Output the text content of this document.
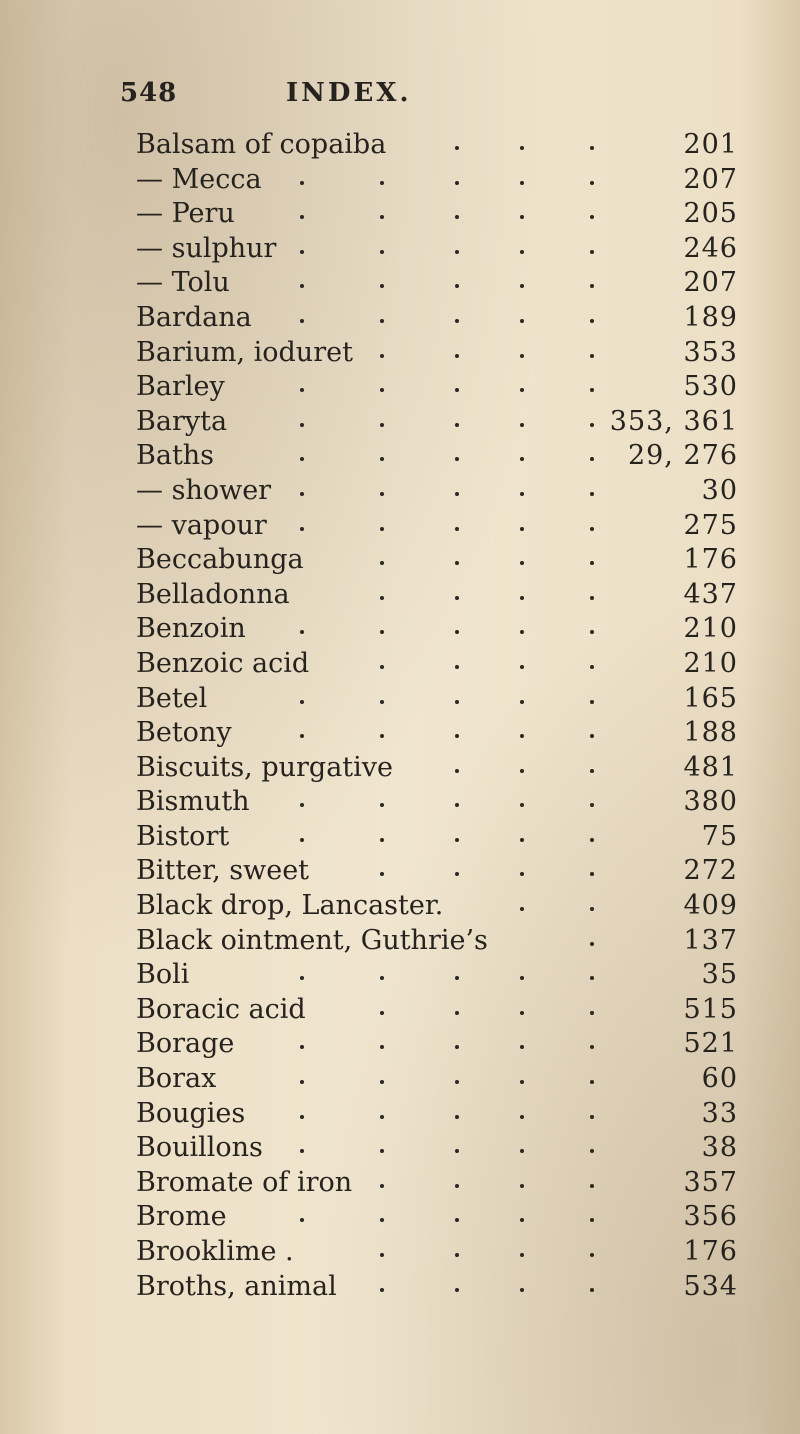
548	INDEX.
Balsam of copaiba	201
— Mecca	207
— Peru	205
— sulphur	246
— Tolu	207
Bardana	189
Barium, ioduret	353
Barley	530
Baryta	353, 361
Baths	29, 276
— shower	30
— vapour	275
Beccabunga	176
Belladonna	437
Benzoin	210
Benzoic acid	210
Betel	165
Betony	188
Biscuits, purgative	481
Bismuth	380
Bistort	75
Bitter, sweet	272
Black drop, Lancaster.	409
Black ointment, Guthrie’s	137
Boli	35
Boracic acid	515
Borage	521
Borax	60
Bougies	33
Bouillons	38
Bromate of iron	357
Brome	356
Brooklime .	176
Broths, animal	534
